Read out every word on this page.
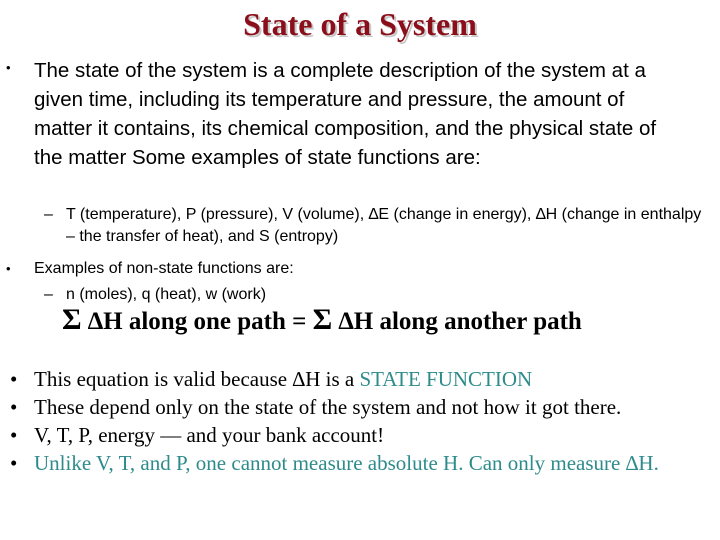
State of a System
• The state of the system is a complete description of the system at a given time, including its temperature and pressure, the amount of matter it contains, its chemical composition, and the physical state of the matter Some examples of state functions are:
– T (temperature), P (pressure), V (volume), ∆E (change in energy), ∆H (change in enthalpy – the transfer of heat), and S (entropy)
• Examples of non-state functions are:
– n (moles), q (heat), w (work)
Σ ∆H along one path = Σ ∆H along another path
• This equation is valid because ∆H is a STATE FUNCTION
• These depend only on the state of the system and not how it got there.
• V, T, P, energy — and your bank account!
• Unlike V, T, and P, one cannot measure absolute H. Can only measure ∆H.
